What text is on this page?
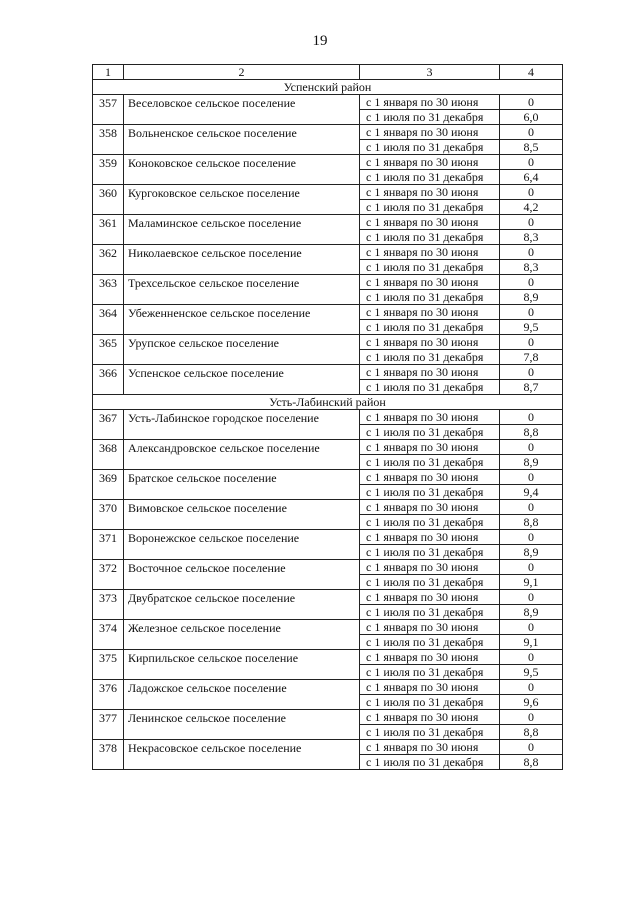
19
1	2	3	4
Успенский район			
357	Веселовское сельское поселение	с 1 января по 30 июня	0
		с 1 июля по 31 декабря	6,0
358	Вольненское сельское поселение	с 1 января по 30 июня	0
		с 1 июля по 31 декабря	8,5
359	Коноковское сельское поселение	с 1 января по 30 июня	0
		с 1 июля по 31 декабря	6,4
360	Кургоковское сельское поселение	с 1 января по 30 июня	0
		с 1 июля по 31 декабря	4,2
361	Маламинское сельское поселение	с 1 января по 30 июня	0
		с 1 июля по 31 декабря	8,3
362	Николаевское сельское поселение	с 1 января по 30 июня	0
		с 1 июля по 31 декабря	8,3
363	Трехсельское сельское поселение	с 1 января по 30 июня	0
		с 1 июля по 31 декабря	8,9
364	Убеженненское сельское поселение	с 1 января по 30 июня	0
		с 1 июля по 31 декабря	9,5
365	Урупское сельское поселение	с 1 января по 30 июня	0
		с 1 июля по 31 декабря	7,8
366	Успенское сельское поселение	с 1 января по 30 июня	0
		с 1 июля по 31 декабря	8,7
Усть-Лабинский район			
367	Усть-Лабинское городское поселение	с 1 января по 30 июня	0
		с 1 июля по 31 декабря	8,8
368	Александровское сельское поселение	с 1 января по 30 июня	0
		с 1 июля по 31 декабря	8,9
369	Братское сельское поселение	с 1 января по 30 июня	0
		с 1 июля по 31 декабря	9,4
370	Вимовское сельское поселение	с 1 января по 30 июня	0
		с 1 июля по 31 декабря	8,8
371	Воронежское сельское поселение	с 1 января по 30 июня	0
		с 1 июля по 31 декабря	8,9
372	Восточное сельское поселение	с 1 января по 30 июня	0
		с 1 июля по 31 декабря	9,1
373	Двубратское сельское поселение	с 1 января по 30 июня	0
		с 1 июля по 31 декабря	8,9
374	Железное сельское поселение	с 1 января по 30 июня	0
		с 1 июля по 31 декабря	9,1
375	Кирпильское сельское поселение	с 1 января по 30 июня	0
		с 1 июля по 31 декабря	9,5
376	Ладожское сельское поселение	с 1 января по 30 июня	0
		с 1 июля по 31 декабря	9,6
377	Ленинское сельское поселение	с 1 января по 30 июня	0
		с 1 июля по 31 декабря	8,8
378	Некрасовское сельское поселение	с 1 января по 30 июня	0
		с 1 июля по 31 декабря	8,8
